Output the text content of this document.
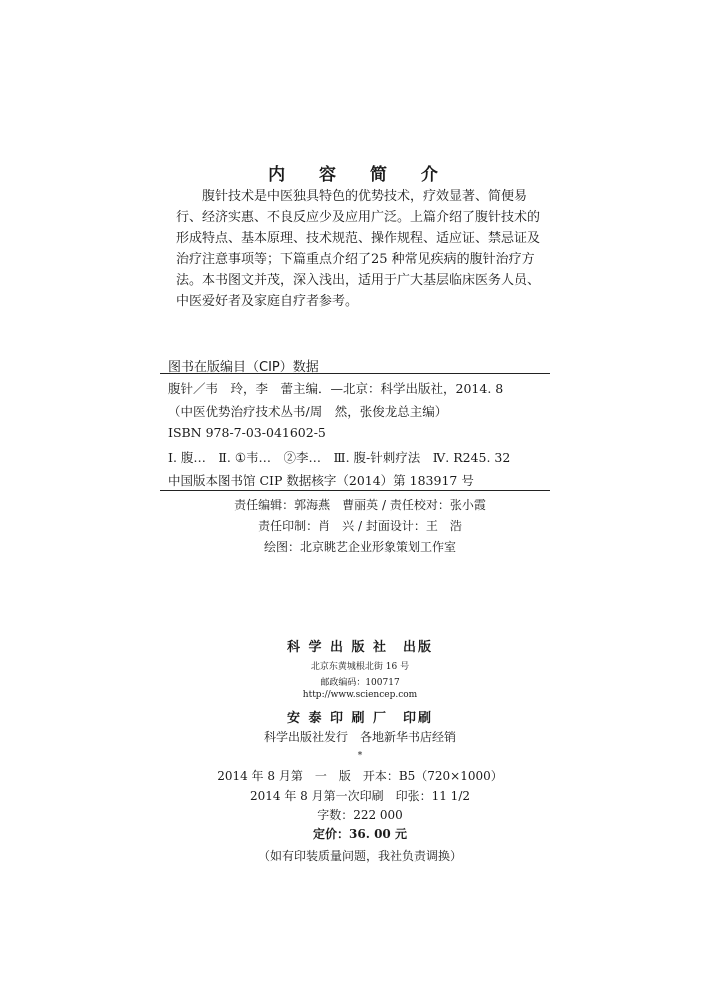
内 容 简 介
腹针技术是中医独具特色的优势技术，疗效显著、简便易行、经济实惠、不良反应少及应用广泛。上篇介绍了腹针技术的形成特点、基本原理、技术规范、操作规程、适应证、禁忌证及治疗注意事项等；下篇重点介绍了25 种常见疾病的腹针治疗方法。 本书图文并茂，深入浅出，适用于广大基层临床医务人员、中医爱好者及家庭自疗者参考。
图书在版编目（CIP）数据
腹针／韦　玲，李　蕾主编．—北京：科学出版社，2014. 8
（中医优势治疗技术丛书/周　然，张俊龙总主编）
ISBN 978-7-03-041602-5
Ⅰ. 腹…　Ⅱ. ①韦…　②李…　Ⅲ. 腹-针刺疗法　Ⅳ. R245. 32
中国版本图书馆 CIP 数据核字（2014）第 183917 号
责任编辑：郭海燕　曹丽英 / 责任校对：张小霞
责任印制：肖　兴 / 封面设计：王　浩
绘图：北京眺艺企业形象策划工作室
科 学 出 版 社　出版
北京东黄城根北街 16 号
邮政编码：100717
http://www.sciencep.com
安 泰 印 刷 厂　印刷
科学出版社发行　各地新华书店经销
*
2014 年 8 月第　一　版　开本：B5（720×1000）
2014 年 8 月第一次印刷　印张：11 1/2
字数：222 000
定价：36. 00 元
（如有印装质量问题，我社负责调换）
